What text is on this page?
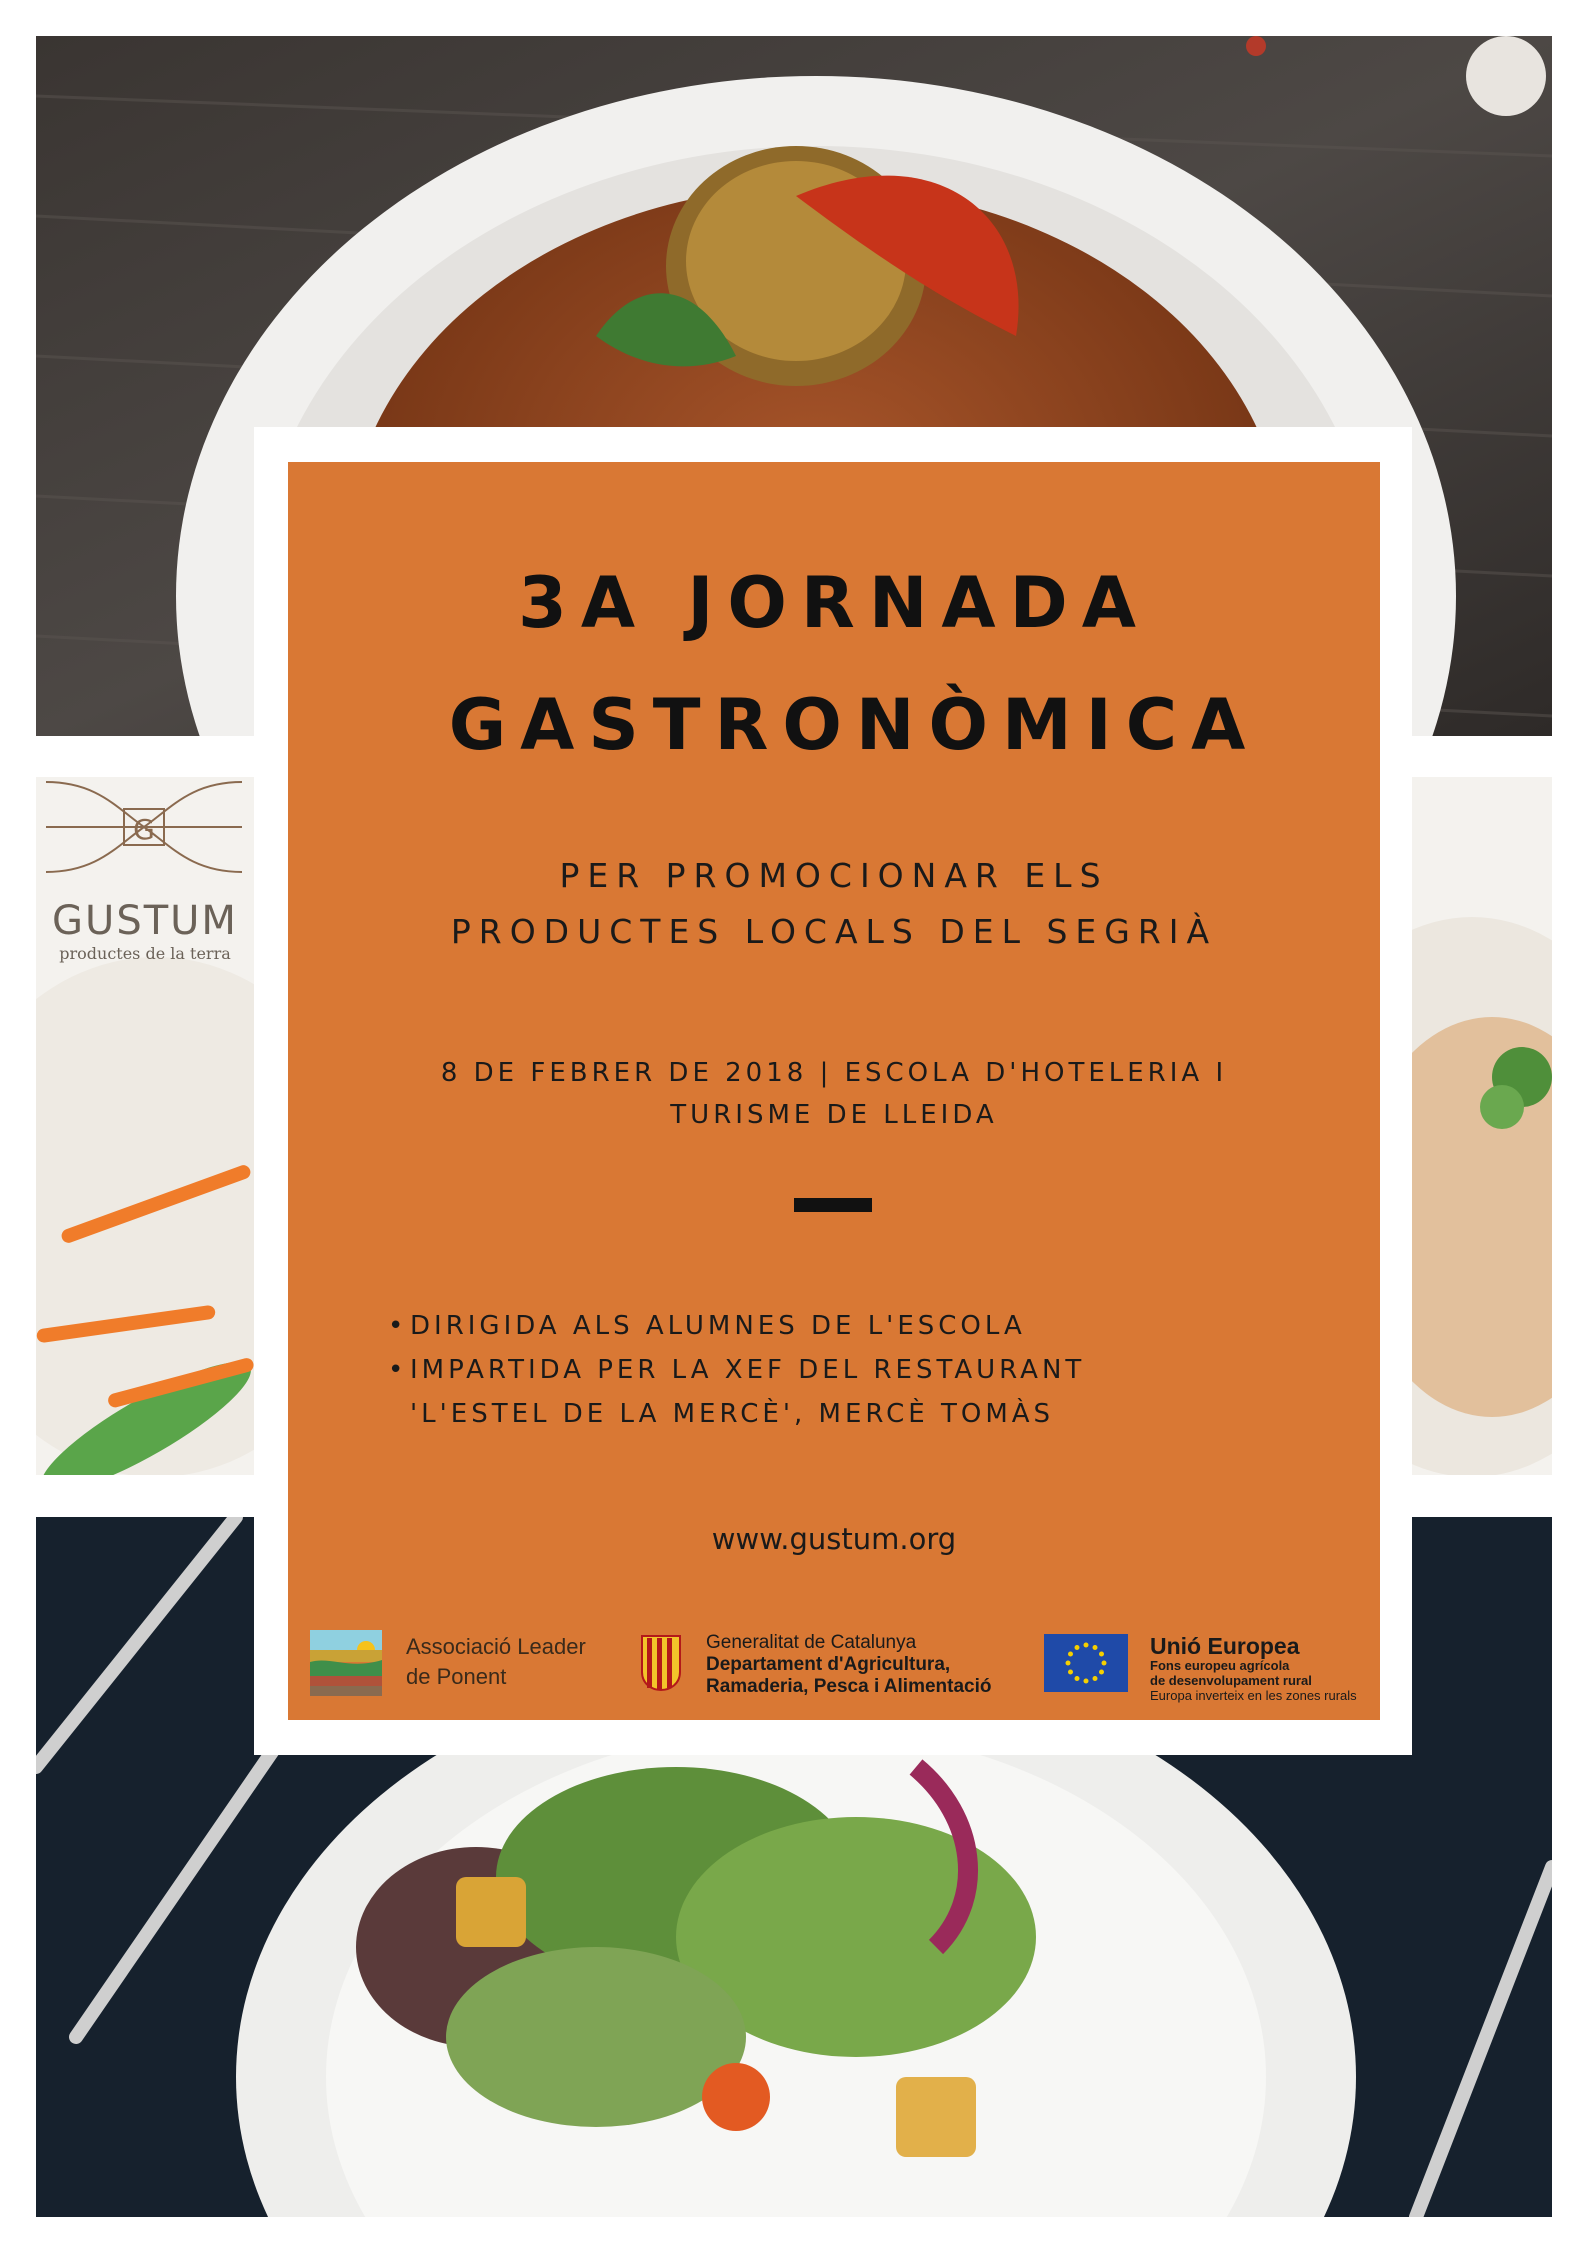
G
GUSTUM
productes de la terra
3A JORNADA
GASTRONÒMICA

PER PROMOCIONAR ELS

PRODUCTES LOCALS DEL SEGRIÀ

8 DE FEBRER DE 2018 | ESCOLA D'HOTELERIA I

TURISME DE LLEIDA

• DIRIGIDA ALS ALUMNES DE L'ESCOLA
• IMPARTIDA PER LA XEF DEL RESTAURANT
'L'ESTEL DE LA MERCÈ', MERCÈ TOMÀS

www.gustum.org

Associació Leader
de Ponent
Generalitat de Catalunya
Departament d'Agricultura,
Ramaderia, Pesca i Alimentació
Unió Europea
Fons europeu agrícola
de desenvolupament rural
Europa inverteix en les zones rurals
